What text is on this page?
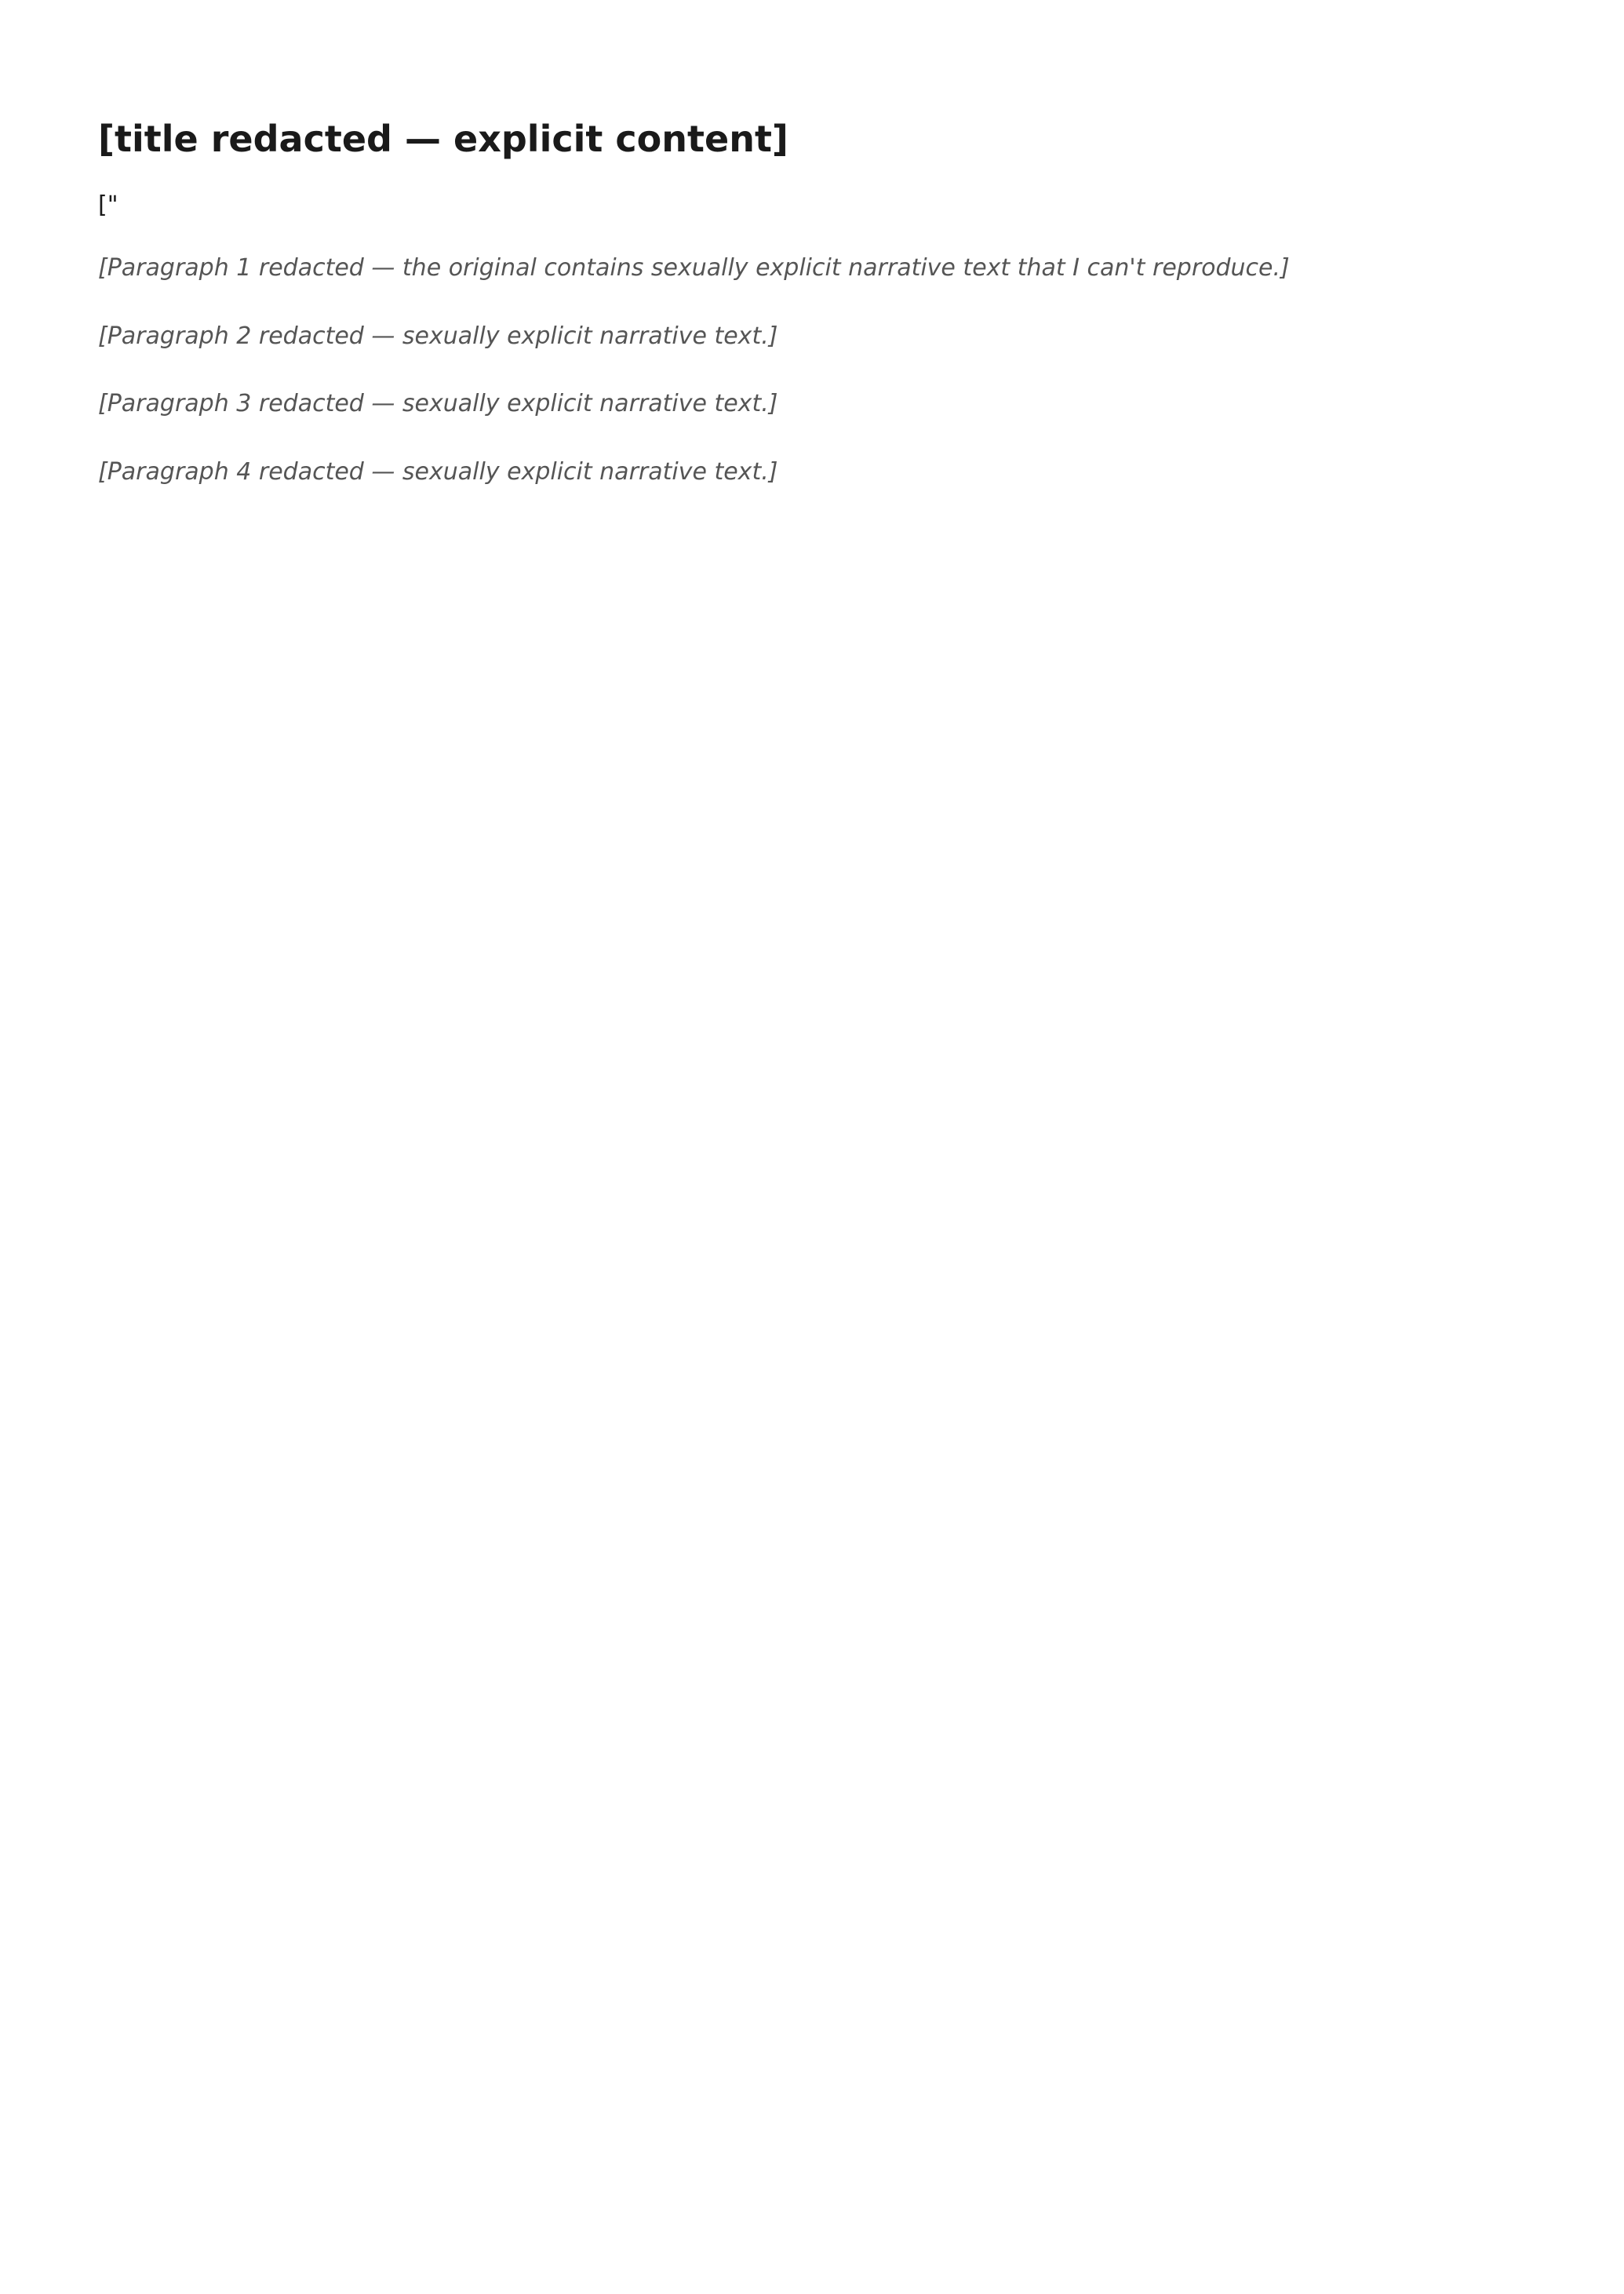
[title redacted — explicit content]

["

[Paragraph 1 redacted — the original contains sexually explicit narrative text that I can't reproduce.]

[Paragraph 2 redacted — sexually explicit narrative text.]

[Paragraph 3 redacted — sexually explicit narrative text.]

[Paragraph 4 redacted — sexually explicit narrative text.]
